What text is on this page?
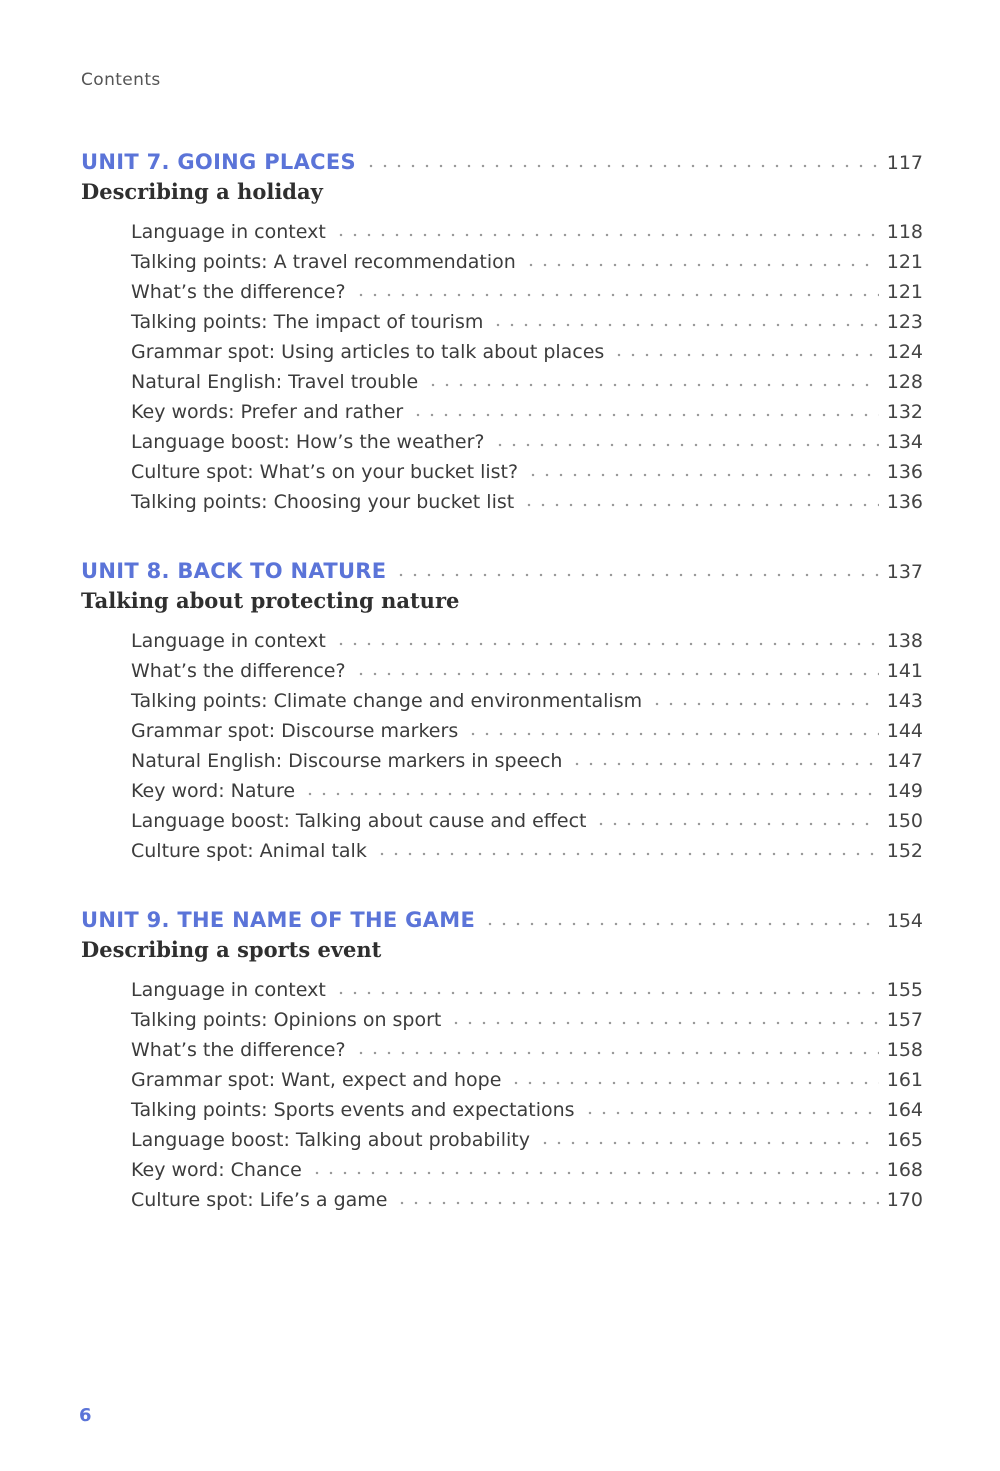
Contents
UNIT 7. GOING PLACES	117
Describing a holiday
Language in context	118
Talking points: A travel recommendation	121
What’s the difference?	121
Talking points: The impact of tourism	123
Grammar spot: Using articles to talk about places	124
Natural English: Travel trouble	128
Key words: Prefer and rather	132
Language boost: How’s the weather?	134
Culture spot: What’s on your bucket list?	136
Talking points: Choosing your bucket list	136
UNIT 8. BACK TO NATURE	137
Talking about protecting nature
Language in context	138
What’s the difference?	141
Talking points: Climate change and environmentalism	143
Grammar spot: Discourse markers	144
Natural English: Discourse markers in speech	147
Key word: Nature	149
Language boost: Talking about cause and effect	150
Culture spot: Animal talk	152
UNIT 9. THE NAME OF THE GAME	154
Describing a sports event
Language in context	155
Talking points: Opinions on sport	157
What’s the difference?	158
Grammar spot: Want, expect and hope	161
Talking points: Sports events and expectations	164
Language boost: Talking about probability	165
Key word: Chance	168
Culture spot: Life’s a game	170
6
